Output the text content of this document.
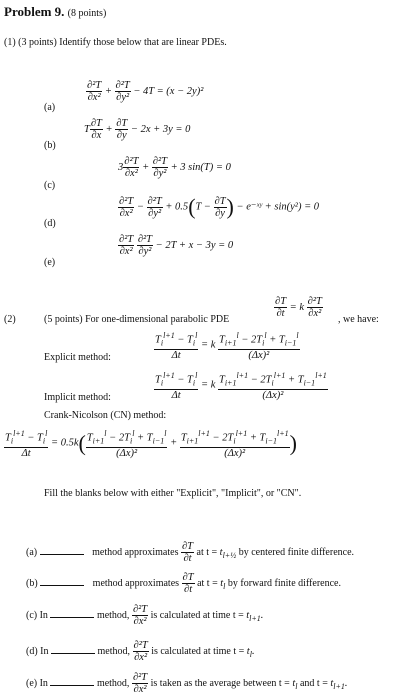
Problem 9. (8 points)
(1) (3 points) Identify those below that are linear PDEs.
(a)
$\frac{\text{∂²T}}{\text{∂x²}} + \frac{\text{∂²T}}{\text{∂y²}} - 4T = (x - 2y)^2$
(b)
T $\frac{\partial T}{\partial x} + \frac{\partial T}{\partial y} - 2x + 3y = 0$
(c)
$3 \frac{\text{∂²T}}{\text{∂x²}} + \frac{\text{∂²T}}{\text{∂y²}} + 3$ sin(T) = 0
(d)
$\frac{\text{∂²T}}{\text{∂x²}} - \frac{\text{∂²T}}{\text{∂y²}} + 0.5(T - \frac{\partial T}{\partial y}$ ) − e⁻ˣʸ + sin(y²) = 0
(e)
$\frac{\text{∂²T}}{\text{∂x²}}$
$\frac{\text{∂²T}}{\text{∂y²}} - 2T + x - 3y = 0$
(2)	(5 points) For one-dimensional parabolic PDE
$\frac{\partial T}{\partial t} = k \frac{\text{∂²T}}{\text{∂x²}}$
, we have:
Explicit method:	$\frac{T_i^{l+1} - T_i^l}{\Delta t} = k \frac{T_{i+1}^l - 2T_i^l + T_{i-1}^l}{\text{(Δx)²}}$
$\frac{T_i^{l+1} - T_i^l}{\Delta t} = k \frac{T_{i+1}^{l+1} - 2T_i^{l+1} + T_{i-1}^{l+1}}{\text{(Δx)²}}$
Implicit method:
Crank-Nicolson (CN) method:
$\frac{T_i^{l+1} - T_i^l}{\Delta t} = 0.5k( \frac{T_{i+1}^l - 2T_i^l + T_{i-1}^l}{\text{(Δx)²}} + \frac{T_{i+1}^{l+1} - 2T_i^{l+1} + T_{i-1}^{l+1}}{\text{(Δx)²}}$ )
Fill the blanks below with either "Explicit", "Implicit", or "CN".
(a)	method approximates $\frac{\partial T}{\partial t}$ at $t = t_{l+\frac{1}{2}}$ by centered finite difference.
(b)	method approximates $\frac{\partial T}{\partial t}$ at $t = t_l$ by forward finite difference.
(c) In	method, $\frac{\text{∂²T}}{\text{∂x²}}$ is calculated at time $t = t_{l+1}$.
(d) In	method, $\frac{\text{∂²T}}{\text{∂x²}}$ is calculated at time $t = t_l$.
(e) In	method, $\frac{\text{∂²T}}{\text{∂x²}}$ is taken as the average between $t = t_l$ and $t = t_{l+1}$.
